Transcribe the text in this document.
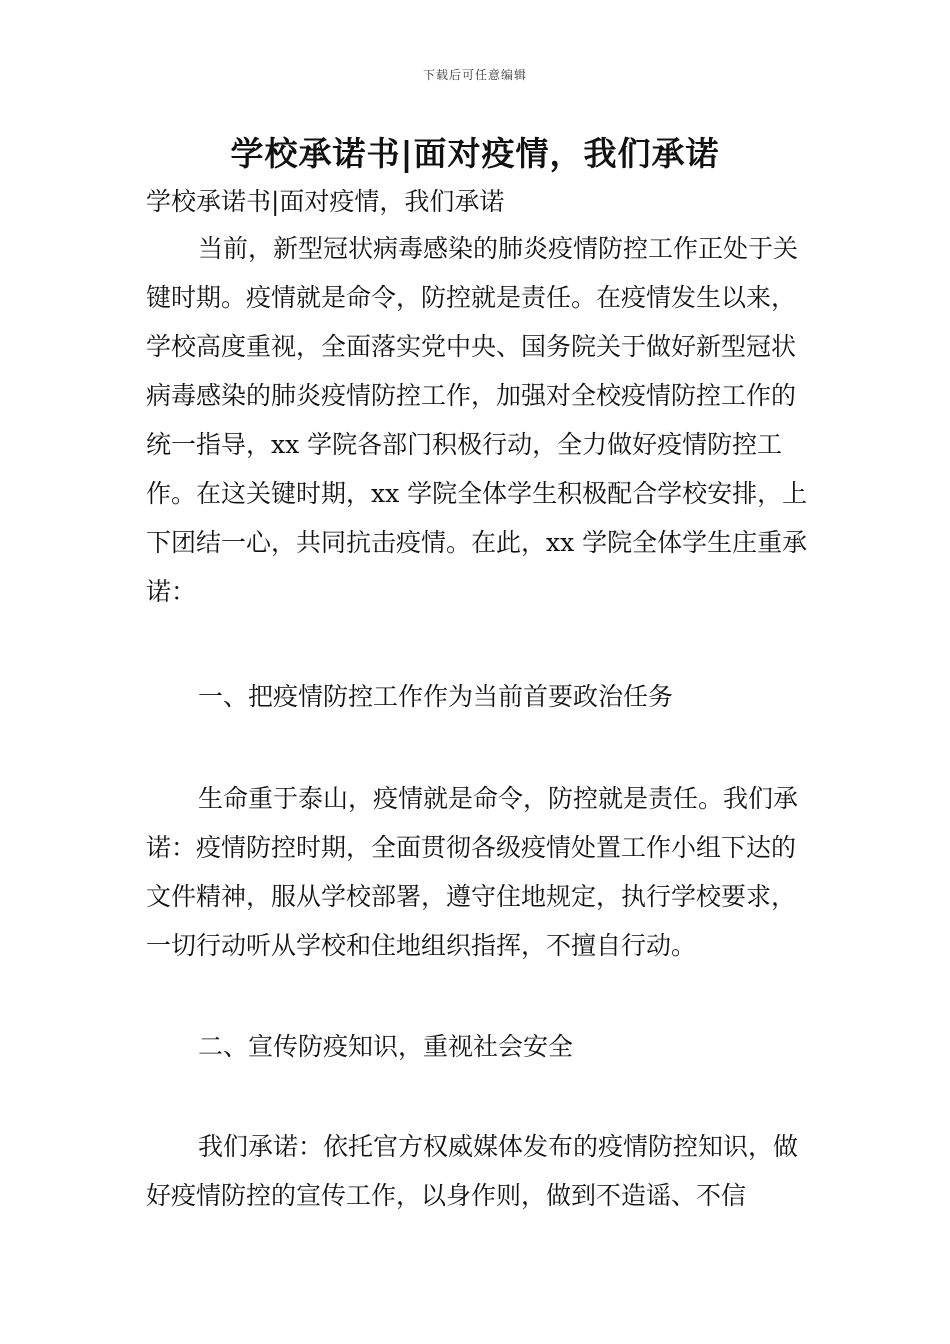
下载后可任意编辑
学校承诺书|面对疫情，我们承诺

学校承诺书|面对疫情，我们承诺

当前，新型冠状病毒感染的肺炎疫情防控工作正处于关键时期。疫情就是命令，防控就是责任。在疫情发生以来，学校高度重视，全面落实党中央、国务院关于做好新型冠状病毒感染的肺炎疫情防控工作，加强对全校疫情防控工作的统一指导，xx 学院各部门积极行动，全力做好疫情防控工作。在这关键时期，xx 学院全体学生积极配合学校安排，上下团结一心，共同抗击疫情。在此，xx 学院全体学生庄重承诺：

一、把疫情防控工作作为当前首要政治任务

生命重于泰山，疫情就是命令，防控就是责任。我们承诺：疫情防控时期，全面贯彻各级疫情处置工作小组下达的文件精神，服从学校部署，遵守住地规定，执行学校要求，一切行动听从学校和住地组织指挥，不擅自行动。

二、宣传防疫知识，重视社会安全

我们承诺：依托官方权威媒体发布的疫情防控知识，做好疫情防控的宣传工作，以身作则，做到不造谣、不信
